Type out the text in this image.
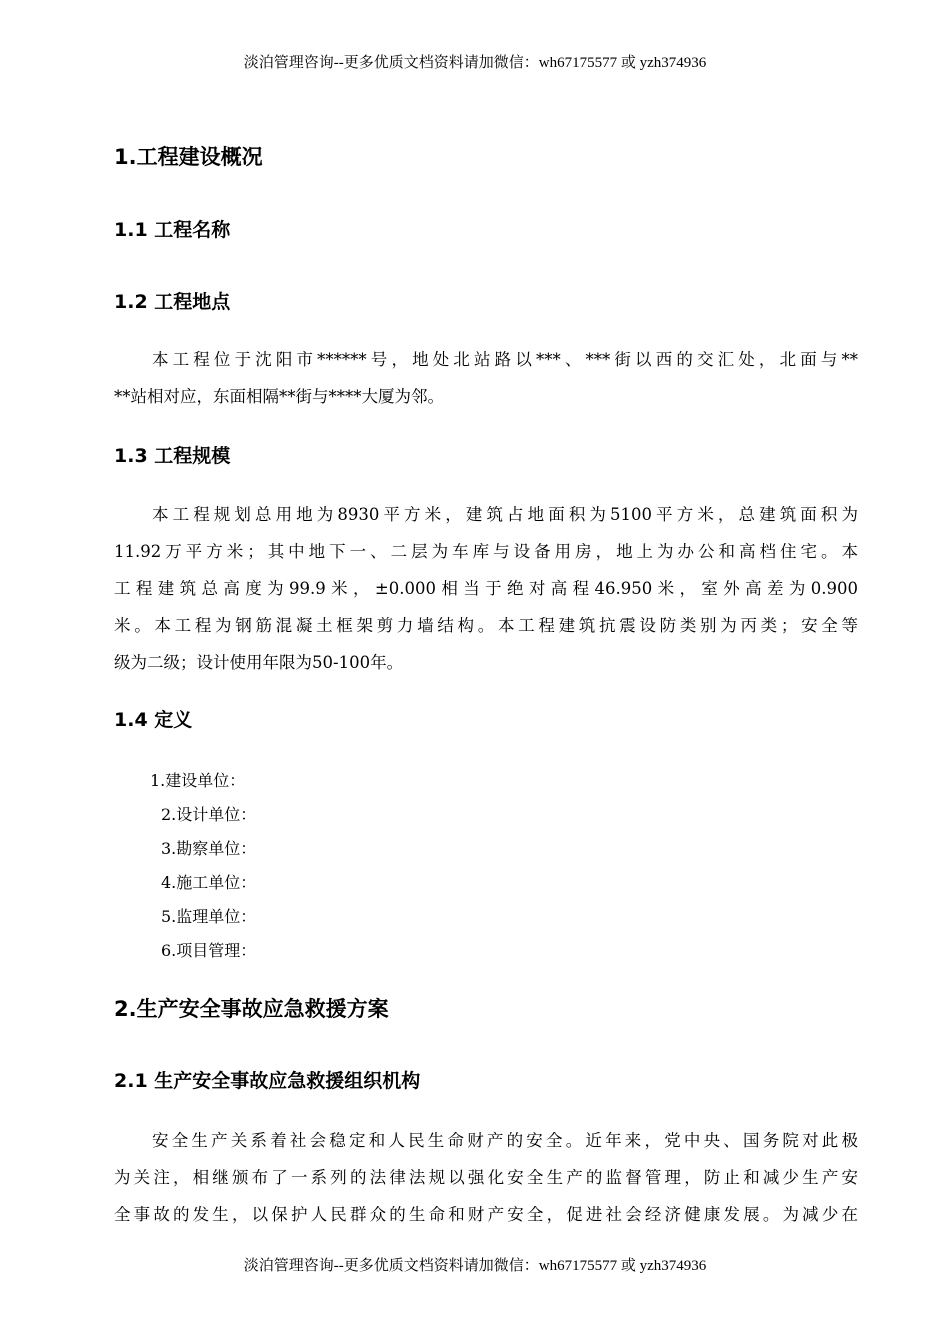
淡泊管理咨询--更多优质文档资料请加微信：wh67175577 或 yzh374936
1.工程建设概况
1.1 工程名称
1.2 工程地点
本工程位于沈阳市******号，地处北站路以***、***街以西的交汇处，北面与**
**站相对应，东面相隔**街与****大厦为邻。
1.3 工程规模
本工程规划总用地为8930平方米，建筑占地面积为5100平方米，总建筑面积为
11.92万平方米；其中地下一、二层为车库与设备用房，地上为办公和高档住宅。本
工程建筑总高度为99.9米，±0.000相当于绝对高程46.950米，室外高差为0.900
米。本工程为钢筋混凝土框架剪力墙结构。本工程建筑抗震设防类别为丙类；安全等
级为二级；设计使用年限为50-100年。
1.4 定义
1.建设单位：
2.设计单位：
3.勘察单位：
4.施工单位：
5.监理单位：
6.项目管理：
2.生产安全事故应急救援方案
2.1 生产安全事故应急救援组织机构
安全生产关系着社会稳定和人民生命财产的安全。近年来，党中央、国务院对此极
为关注，相继颁布了一系列的法律法规以强化安全生产的监督管理，防止和减少生产安
全事故的发生，以保护人民群众的生命和财产安全，促进社会经济健康发展。为减少在
淡泊管理咨询--更多优质文档资料请加微信：wh67175577 或 yzh374936
